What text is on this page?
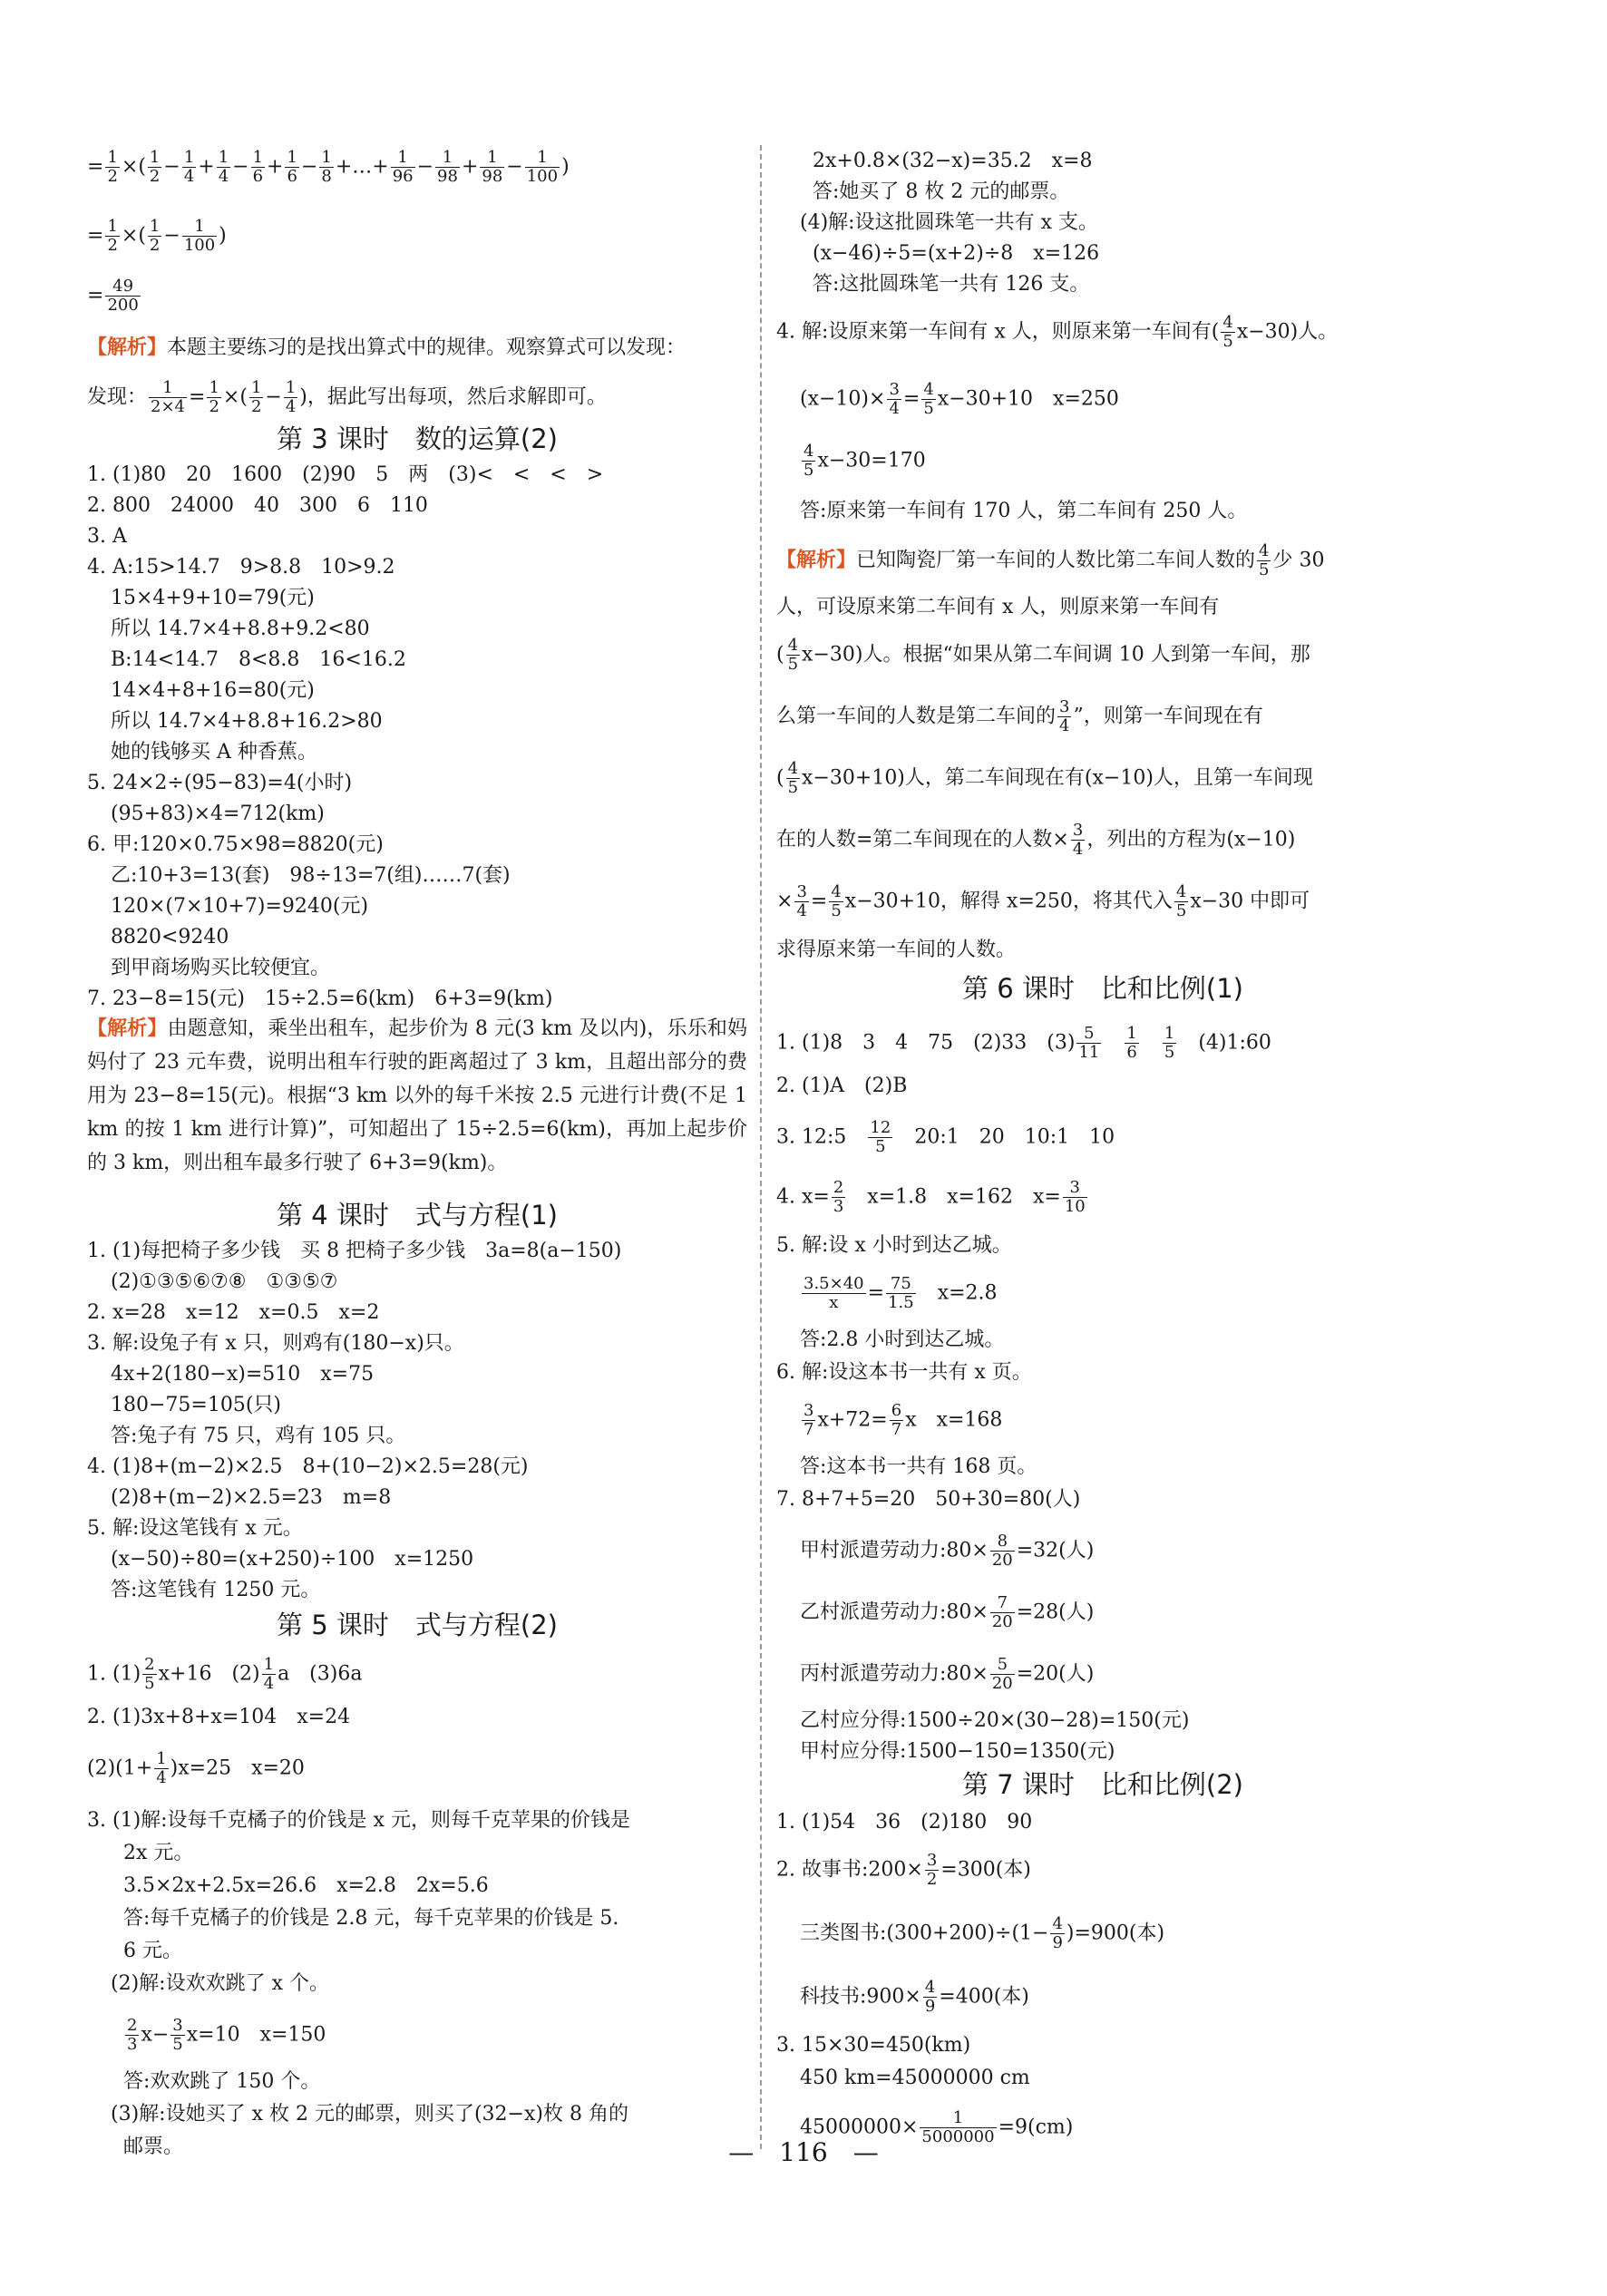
= $\frac{1}{2}$ ×( $\frac{1}{2} - \frac{1}{4} + \frac{1}{4} - \frac{1}{6} + \frac{1}{6} - \frac{1}{8}$ +…+ $\frac{1}{96} - \frac{1}{98} + \frac{1}{98} - \frac{1}{100}$ )
= $\frac{1}{2}$ ×( $\frac{1}{2} - \frac{1}{100}$ )
= $\frac{49}{200}$
【解析】本题主要练习的是找出算式中的规律。观察算式可以发现：
发现： $\frac{1}{2\times 4} = \frac{1}{2}$ ×( $\frac{1}{2} - \frac{1}{4}$ )，据此写出每项，然后求解即可。
第 3 课时　数的运算(2)
1. (1)80　20　1600　(2)90　5　两　(3)<　<　<　>
2. 800　24000　40　300　6　110
3. A
4. A:15>14.7　9>8.8　10>9.2
15×4+9+10=79(元)
所以 14.7×4+8.8+9.2<80
B:14<14.7　8<8.8　16<16.2
14×4+8+16=80(元)
所以 14.7×4+8.8+16.2>80
她的钱够买 A 种香蕉。
5. 24×2÷(95−83)=4(小时)
(95+83)×4=712(km)
6. 甲:120×0.75×98=8820(元)
乙:10+3=13(套)　98÷13=7(组)……7(套)
120×(7×10+7)=9240(元)
8820<9240
到甲商场购买比较便宜。
7. 23−8=15(元)　15÷2.5=6(km)　6+3=9(km)
【解析】由题意知，乘坐出租车，起步价为 8 元(3 km 及以内)，乐乐和妈妈付了 23 元车费，说明出租车行驶的距离超过了 3 km，且超出部分的费用为 23−8=15(元)。根据“3 km 以外的每千米按 2.5 元进行计费(不足 1 km 的按 1 km 进行计算)”，可知超出了 15÷2.5=6(km)，再加上起步价的 3 km，则出租车最多行驶了 6+3=9(km)。
第 4 课时　式与方程(1)
1. (1)每把椅子多少钱　买 8 把椅子多少钱　3a=8(a−150)
(2)①③⑤⑥⑦⑧　①③⑤⑦
2. x=28　x=12　x=0.5　x=2
3. 解:设兔子有 x 只，则鸡有(180−x)只。
4x+2(180−x)=510　x=75
180−75=105(只)
答:兔子有 75 只，鸡有 105 只。
4. (1)8+(m−2)×2.5　8+(10−2)×2.5=28(元)
(2)8+(m−2)×2.5=23　m=8
5. 解:设这笔钱有 x 元。
(x−50)÷80=(x+250)÷100　x=1250
答:这笔钱有 1250 元。
第 5 课时　式与方程(2)
1. $(1) \frac{2}{5} x+16$　$(2) \frac{1}{4}$ a　(3)6a
2. (1)3x+8+x=104　x=24
$(2)(1+ \frac{1}{4} )x=25$　x=20
3. (1)解:设每千克橘子的价钱是 x 元，则每千克苹果的价钱是
2x 元。
3.5×2x+2.5x=26.6　x=2.8　2x=5.6
答:每千克橘子的价钱是 2.8 元，每千克苹果的价钱是 5.
6 元。
(2)解:设欢欢跳了 x 个。
$\frac{2}{3} x- \frac{3}{5} x=10$　x=150
答:欢欢跳了 150 个。
(3)解:设她买了 x 枚 2 元的邮票，则买了(32−x)枚 8 角的
邮票。
2x+0.8×(32−x)=35.2　x=8
答:她买了 8 枚 2 元的邮票。
(4)解:设这批圆珠笔一共有 x 支。
(x−46)÷5=(x+2)÷8　x=126
答:这批圆珠笔一共有 126 支。
4. 解:设原来第一车间有 x 人，则原来第一车间有( $\frac{4}{5} x-30$)人。
$(x-10)\times \frac{3}{4} = \frac{4}{5} x-30+10$　x=250
$\frac{4}{5} x-30=170$
答:原来第一车间有 170 人，第二车间有 250 人。
【解析】已知陶瓷厂第一车间的人数比第二车间人数的 $\frac{4}{5}$ 少 30
人，可设原来第二车间有 x 人，则原来第一车间有
( $\frac{4}{5} x-30$)人。根据“如果从第二车间调 10 人到第一车间，那
么第一车间的人数是第二车间的 $\frac{3}{4}$ ”，则第一车间现在有
( $\frac{4}{5} x-30+10$)人，第二车间现在有(x−10)人，且第一车间现
在的人数=第二车间现在的人数× $\frac{3}{4}$ ，列出的方程为(x−10)
× $\frac{3}{4} = \frac{4}{5} x-30+10$，解得 x=250，将其代入 $\frac{4}{5} x-30$ 中即可
求得原来第一车间的人数。
第 6 课时　比和比例(1)
1. (1)8　3　4　75　(2)33　$(3) \frac{5}{11}$
　 $\frac{1}{6}$
　 $\frac{1}{5}$
　 (4)1:60
2. (1)A　(2)B
3. 12:5　 $\frac{12}{5}$
　 20:1　20　10:1　10
4. $x= \frac{2}{3}$
　 x=1.8　x=162　$x= \frac{3}{10}$
5. 解:设 x 小时到达乙城。
$\frac{3.5\times 40}{x} = \frac{75}{1.5}$
　 x=2.8
答:2.8 小时到达乙城。
6. 解:设这本书一共有 x 页。
$\frac{3}{7} x+72= \frac{6}{7}$ x　x=168
答:这本书一共有 168 页。
7. 8+7+5=20　50+30=80(人)
甲村派遣劳动力:80× $\frac{8}{20} =32$(人)
乙村派遣劳动力:80× $\frac{7}{20} =28$(人)
丙村派遣劳动力:80× $\frac{5}{20} =20$(人)
乙村应分得:1500÷20×(30−28)=150(元)
甲村应分得:1500−150=1350(元)
第 7 课时　比和比例(2)
1. (1)54　36　(2)180　90
2. 故事书:200× $\frac{3}{2} =300$(本)
三类图书:(300+200)÷(1− $\frac{4}{9} )=900$(本)
科技书:900× $\frac{4}{9} =400$(本)
3. 15×30=450(km)
450 km=45000000 cm
$45000000\times \frac{1}{5000000} =9(cm)$
—　 116　 —
